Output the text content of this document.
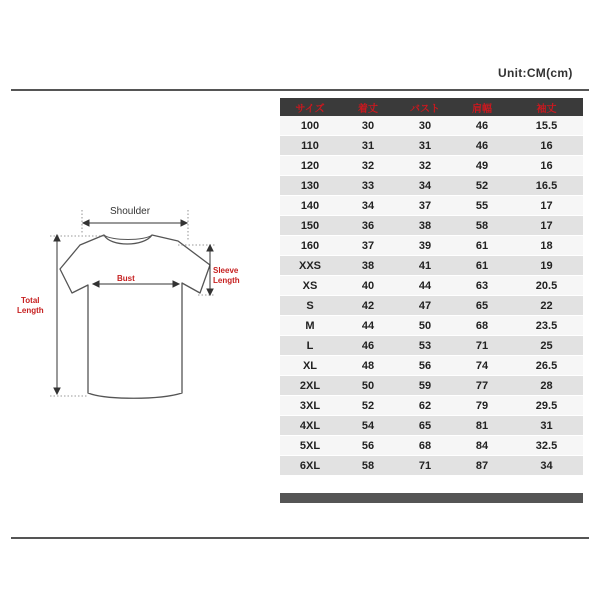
Unit:CM(cm)
Shoulder
Bust
Sleeve
Length
Total
Length
サイズ	着丈	バスト	肩幅	袖丈
100	30	30	46	15.5
110	31	31	46	16
120	32	32	49	16
130	33	34	52	16.5
140	34	37	55	17
150	36	38	58	17
160	37	39	61	18
XXS	38	41	61	19
XS	40	44	63	20.5
S	42	47	65	22
M	44	50	68	23.5
L	46	53	71	25
XL	48	56	74	26.5
2XL	50	59	77	28
3XL	52	62	79	29.5
4XL	54	65	81	31
5XL	56	68	84	32.5
6XL	58	71	87	34
